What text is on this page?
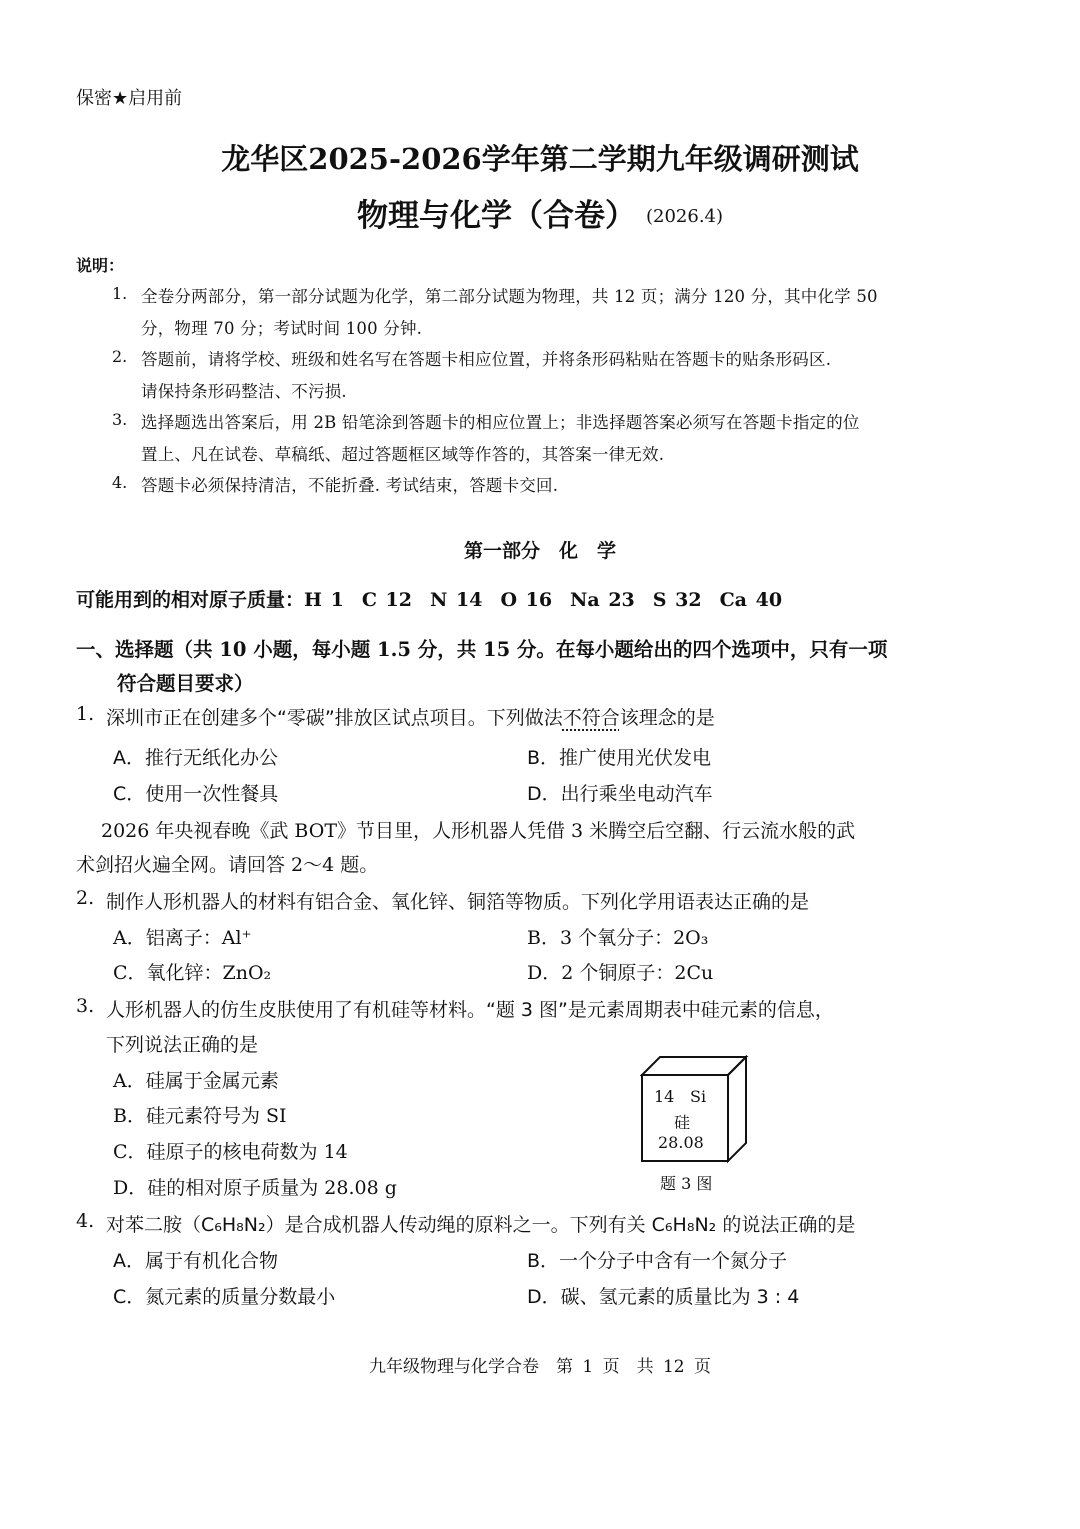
保密★启用前
龙华区2025-2026学年第二学期九年级调研测试
物理与化学（合卷） (2026.4)
说明：
1. 全卷分两部分，第一部分试题为化学，第二部分试题为物理，共 12 页；满分 120 分，其中化学 50
分，物理 70 分；考试时间 100 分钟.
2. 答题前，请将学校、班级和姓名写在答题卡相应位置，并将条形码粘贴在答题卡的贴条形码区.
请保持条形码整洁、不污损.
3. 选择题选出答案后，用 2B 铅笔涂到答题卡的相应位置上；非选择题答案必须写在答题卡指定的位
置上、凡在试卷、草稿纸、超过答题框区域等作答的，其答案一律无效.
4. 答题卡必须保持清洁，不能折叠. 考试结束，答题卡交回.
第一部分　化　学
可能用到的相对原子质量：H 1 C 12 N 14 O 16 Na 23 S 32 Ca 40
一、选择题（共 10 小题，每小题 1.5 分，共 15 分。在每小题给出的四个选项中，只有一项
符合题目要求）
1. 深圳市正在创建多个“零碳”排放区试点项目。下列做法不符合该理念的是
A．推行无纸化办公	B．推广使用光伏发电
C．使用一次性餐具	D．出行乘坐电动汽车
2026 年央视春晚《武 BOT》节目里，人形机器人凭借 3 米腾空后空翻、行云流水般的武
术剑招火遍全网。请回答 2～4 题。
2. 制作人形机器人的材料有铝合金、氧化锌、铜箔等物质。下列化学用语表达正确的是
A．铝离子：Al⁺	B．3 个氧分子：2O₃
C．氧化锌：ZnO₂	D．2 个铜原子：2Cu
3. 人形机器人的仿生皮肤使用了有机硅等材料。“题 3 图”是元素周期表中硅元素的信息，
下列说法正确的是
A．硅属于金属元素
B．硅元素符号为 SI
C．硅原子的核电荷数为 14
D．硅的相对原子质量为 28.08 g
14 Si
硅
28.08
题 3 图
4. 对苯二胺（C₆H₈N₂）是合成机器人传动绳的原料之一。下列有关 C₆H₈N₂ 的说法正确的是
A．属于有机化合物	B．一个分子中含有一个氮分子
C．氮元素的质量分数最小	D．碳、氢元素的质量比为 3 : 4
九年级物理与化学合卷　第 1 页　共 12 页
